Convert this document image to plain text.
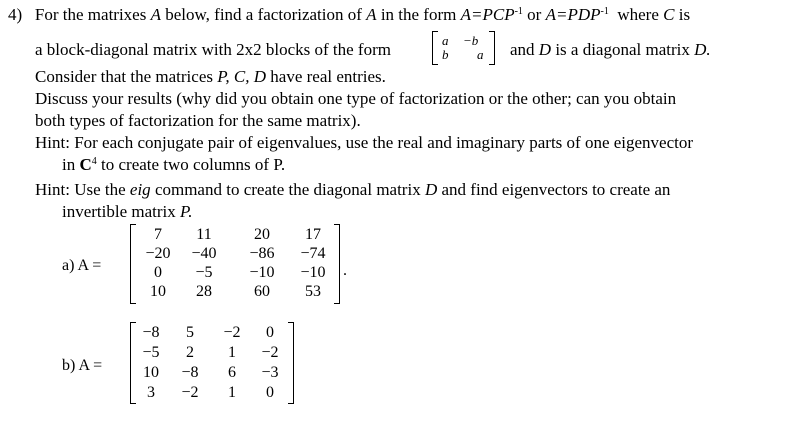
4) For the matrixes A below, find a factorization of A in the form $A=PCP^{-1}$ or $A=PDP^{-1}$  where C is
a block-diagonal matrix with 2x2 blocks of the form	a −b
b a and D is a diagonal matrix D.
Consider that the matrices P, C, D have real entries.
Discuss your results (why did you obtain one type of factorization or the other; can you obtain
both types of factorization for the same matrix).
Hint: For each conjugate pair of eigenvalues, use the real and imaginary parts of one eigenvector
in $C^4$ to create two columns of P.
Hint: Use the eig command to create the diagonal matrix D and find eigenvectors to create an
invertible matrix P.
a) A =
7	11	20	17
−20	−40	−86	−74
0	−5	−10	−10
10	28	60	53
.
b) A =
−8	5	−2	0
−5	2	1	−2
10	−8	6	−3
3	−2	1	0
